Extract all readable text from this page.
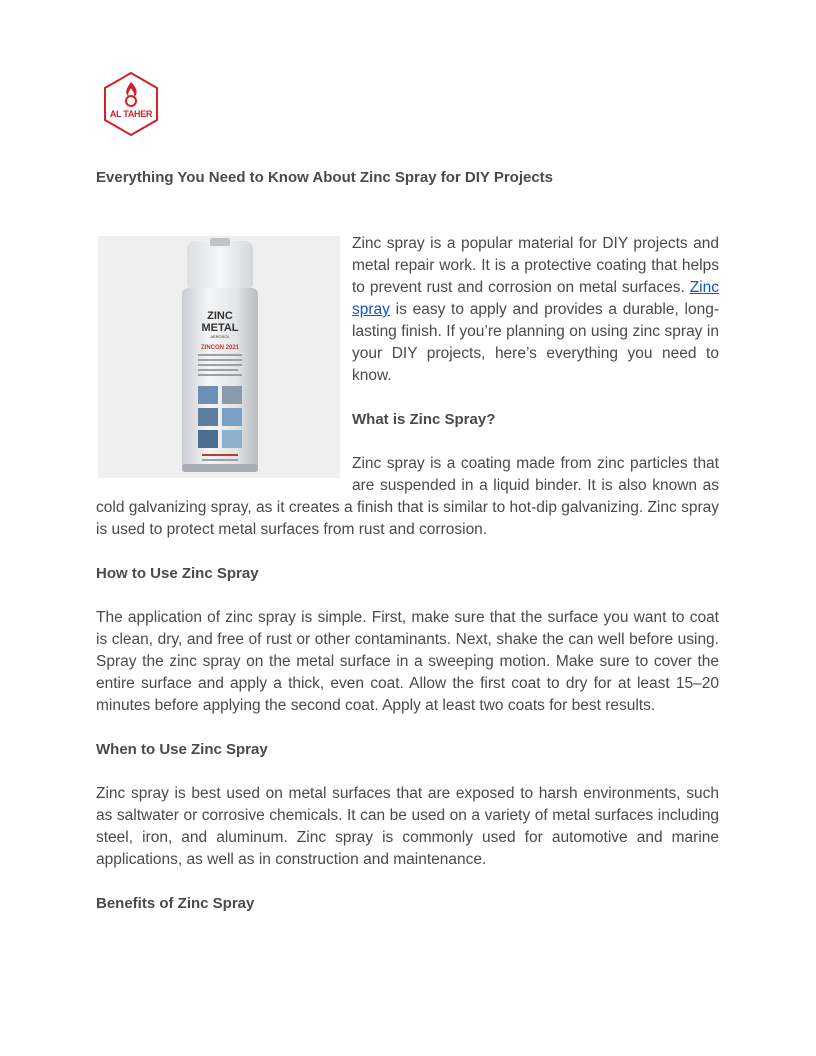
AL TAHER
Everything You Need to Know About Zinc Spray for DIY Projects
ZINC
METAL
AEROSOL
ZINCON 2021

Zinc spray is a popular material for DIY projects and metal repair work. It is a protective coating that helps to prevent rust and corrosion on metal surfaces. Zinc spray is easy to apply and provides a durable, long-lasting finish. If you’re planning on using zinc spray in your DIY projects, here’s everything you need to know.

What is Zinc Spray?

Zinc spray is a coating made from zinc particles that are suspended in a liquid binder. It is also known as cold galvanizing spray, as it creates a finish that is similar to hot-dip galvanizing. Zinc spray is used to protect metal surfaces from rust and corrosion.

How to Use Zinc Spray

The application of zinc spray is simple. First, make sure that the surface you want to coat is clean, dry, and free of rust or other contaminants. Next, shake the can well before using. Spray the zinc spray on the metal surface in a sweeping motion. Make sure to cover the entire surface and apply a thick, even coat. Allow the first coat to dry for at least 15–20 minutes before applying the second coat. Apply at least two coats for best results.

When to Use Zinc Spray

Zinc spray is best used on metal surfaces that are exposed to harsh environments, such as saltwater or corrosive chemicals. It can be used on a variety of metal surfaces including steel, iron, and aluminum. Zinc spray is commonly used for automotive and marine applications, as well as in construction and maintenance.

Benefits of Zinc Spray
